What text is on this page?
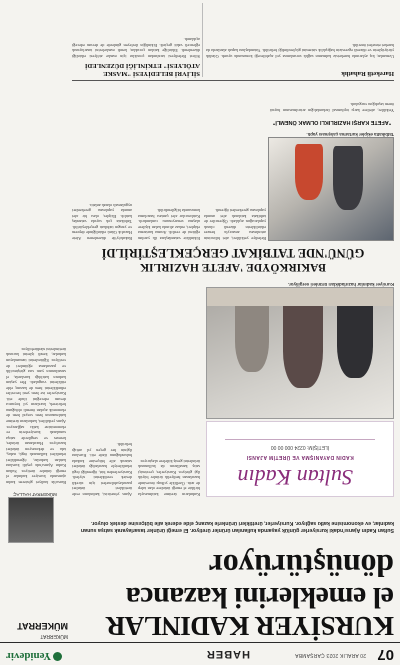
07
20 ARALIK 2023 ÇARŞAMBA
HABER
Yenidevir
KURSİYER KADINLAR
el emeklerini kazanca
dönüştürüyor
MÜKERRAT
MÜKERRAT
MÜKERRAT HALLAÇ
Sultan Kadın Ajansı'ndaki kursiyerler günlük yaşamda kullanılan ürünler üretiyor. El emeği ürünler tasarlayarak satışa sunan kadınlar, ev ekonomisine katkı sağlıyor. Kursiyerler, ürettikleri ürünlerle kazanç elde ederek aile bütçesine destek oluyor.
Bursa'da faaliyet gösteren kadın ajansında kursiyer kadınlar el emeği ürünler üretiyor. Sultan Kadın Ajansı'nda çeşitli kurslara katılan kadınlar, öğrendikleri teknikleri kullanarak örgü, nakış, takı ve dekorasyon ürünleri hazırlıyor. Hazırlanan ürünler, kermes ve sergilerde satışa sunularak kursiyerlerin ev ekonomisine katkı sağlanıyor. Ajans yetkilileri, kadınların üretime katılmasının hem sosyal hem de ekonomik açıdan önemli olduğunu belirterek, kursların yıl boyunca devam edeceğini ifade etti. Kursiyerler ise hem yeni beceriler edindiklerini hem de kazanç elde ettiklerini vurguladı. Her yaştan kadının katıldığı kurslarda, el sanatlarının yanı sıra girişimcilik ve pazarlama eğitimleri de veriliyor. Eğitimlerini tamamlayan kadınlar, kendi işlerini kurarak üretimlerini sürdürebiliyor.
Ajans yöneticisi, kadınların evde ürettikleri ürünleri pazarlayabilmeleri için sürekli destek verdiklerini söyledi. Kursiyerlerden biri, öğrendiği örgü teknikleriyle hazırladığı ürünleri satarak aile bütçesine katkıda bulunduğunu ifade etti. Kurslara ilginin her geçen yıl arttığı belirtildi.
Kadınların üretime katılmasıyla birlikte el emeği ürünlere olan talep de arttı. Özellikle yılbaşı öncesinde hazırlanan hediyelik ürünler büyük ilgi görüyor. Kursiyerler, çevrimiçi satış kanallarını da kullanarak ürünlerini geniş kitlelere ulaştırıyor.
Sultan Kadın
KADIN DAYANIŞMA VE ÜRETİM AJANSI
İLETİŞİM: 0224 000 00 00
Kursiyer kadınlar hazırladıkları ürünleri sergiliyor.
BAKIRKÖYDE 'AFETE HAZIRLIK
GÜNÜ'NDE TATBİKAT GERÇEKLEŞTİRİLDİ
Bakırköy'de düzenlenen Afete Hazırlık Günü etkinliğinde deprem ve yangın tatbikatı gerçekleştirildi. Tatbikata çok sayıda vatandaş katıldı. Ekipler, olası bir afet anında yapılması gerekenleri uygulamalı olarak anlattı.
Etkinlikte vatandaşlara ilk yardım eğitimi de verildi. Arama kurtarma ekipleri, enkaz altında kalan kişilere ulaşma senaryosunu canlandırdı. Katılımcılar afet çantası hazırlama konusunda bilgilendirildi.
Belediye yetkilileri, afet bilincinin artırılması amacıyla benzer etkinliklerin düzenli olarak yapılacağını açıkladı. Öğrenciler de tatbikata katılarak afet anında yapılması gerekenleri öğrendi.
Tatbikatta ekipler kurtarma çalışması yaptı.
"AFETE KARŞI HAZIRLIKLI OLMAK ÖNEMLİ"
Yetkililer, afetlere karşı toplumsal farkındalığın artırılmasının hayati önem taşıdığını vurguladı.
SİLİVRİ BELEDİYESİ "MASKE ATÖLYESİ" ETKİNLİĞİ DÜZENLEDİ
Silivri Belediyesi tarafından çocuklar için maske atölyesi etkinliği düzenlendi. Etkinliğe katılan çocuklar, kendi maskelerini tasarlayarak eğlenceli vakit geçirdi. Etkinliğin ilerleyen günlerde de devam edeceği açıklandı.
Hareketli Rahatlık
Uzmanlar, kış aylarında hareketsiz kalmanın sağlık sorunlarına yol açabileceği konusunda uyardı. Günlük yürüyüşlerin ve düzenli egzersizin bağışıklık sistemini güçlendirdiği belirtildi. Vatandaşlara kapalı alanlarda da hareket etmeleri önerildi.
